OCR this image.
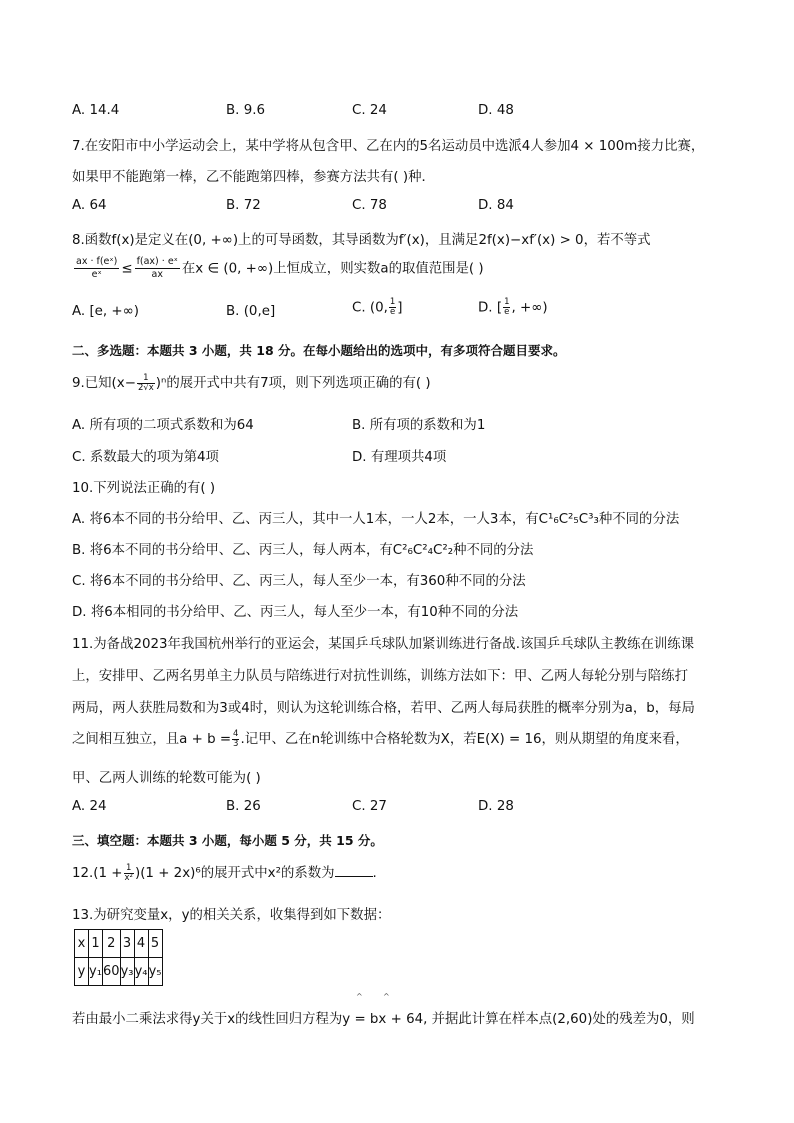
A. 14.4	B. 9.6	C. 24	D. 48
7.在安阳市中小学运动会上，某中学将从包含甲、乙在内的5名运动员中选派4人参加4 × 100m接力比赛，
如果甲不能跑第一棒，乙不能跑第四棒，参赛方法共有( )种．
A. 64	B. 72	C. 78	D. 84
8.函数f(x)是定义在(0, +∞)上的可导函数，其导函数为f′(x)，且满足2f(x)−xf′(x) > 0，若不等式
$\frac{\text{ax · f(eˣ)}}{\text{eˣ}} \le \frac{\text{f(ax) · eˣ}}{ax}$ 在x ∈ (0, +∞)上恒成立，则实数a的取值范围是( )
A. [e, +∞)	B. (0,e]	C. (0, $\frac{1}{e}$ ]	D. [ $\frac{1}{e}$ , +∞)
二、多选题：本题共 3 小题，共 18 分。在每小题给出的选项中，有多项符合题目要求。
9.已知$(x- \frac{1}{2√x} )^n$的展开式中共有7项，则下列选项正确的有( )
A. 所有项的二项式系数和为64	B. 所有项的系数和为1
C. 系数最大的项为第4项	D. 有理项共4项
10.下列说法正确的有( )
A. 将6本不同的书分给甲、乙、丙三人，其中一人1本，一人2本，一人3本，有C¹₆C²₅C³₃种不同的分法
B. 将6本不同的书分给甲、乙、丙三人，每人两本，有C²₆C²₄C²₂种不同的分法
C. 将6本不同的书分给甲、乙、丙三人，每人至少一本，有360种不同的分法
D. 将6本相同的书分给甲、乙、丙三人，每人至少一本，有10种不同的分法
11.为备战2023年我国杭州举行的亚运会，某国乒乓球队加紧训练进行备战.该国乒乓球队主教练在训练课
上，安排甲、乙两名男单主力队员与陪练进行对抗性训练，训练方法如下：甲、乙两人每轮分别与陪练打
两局，两人获胜局数和为3或4时，则认为这轮训练合格，若甲、乙两人每局获胜的概率分别为a，b，每局
之间相互独立，且$a + b = \frac{4}{3}$ .记甲、乙在n轮训练中合格轮数为X，若E(X) = 16，则从期望的角度来看，
甲、乙两人训练的轮数可能为( )
A. 24	B. 26	C. 27	D. 28
三、填空题：本题共 3 小题，每小题 5 分，共 15 分。
$12.(1 + \frac{1}{\text{x²}} )(1 + 2x)^6$的展开式中x²的系数为	.
13.为研究变量x，y的相关关系，收集得到如下数据：
x	1	2	3	4	5
y	y₁	60	y₃	y₄	y₅
^	^
若由最小二乘法求得y关于x的线性回归方程为y = bx + 64, 并据此计算在样本点(2,60)处的残差为0，则
